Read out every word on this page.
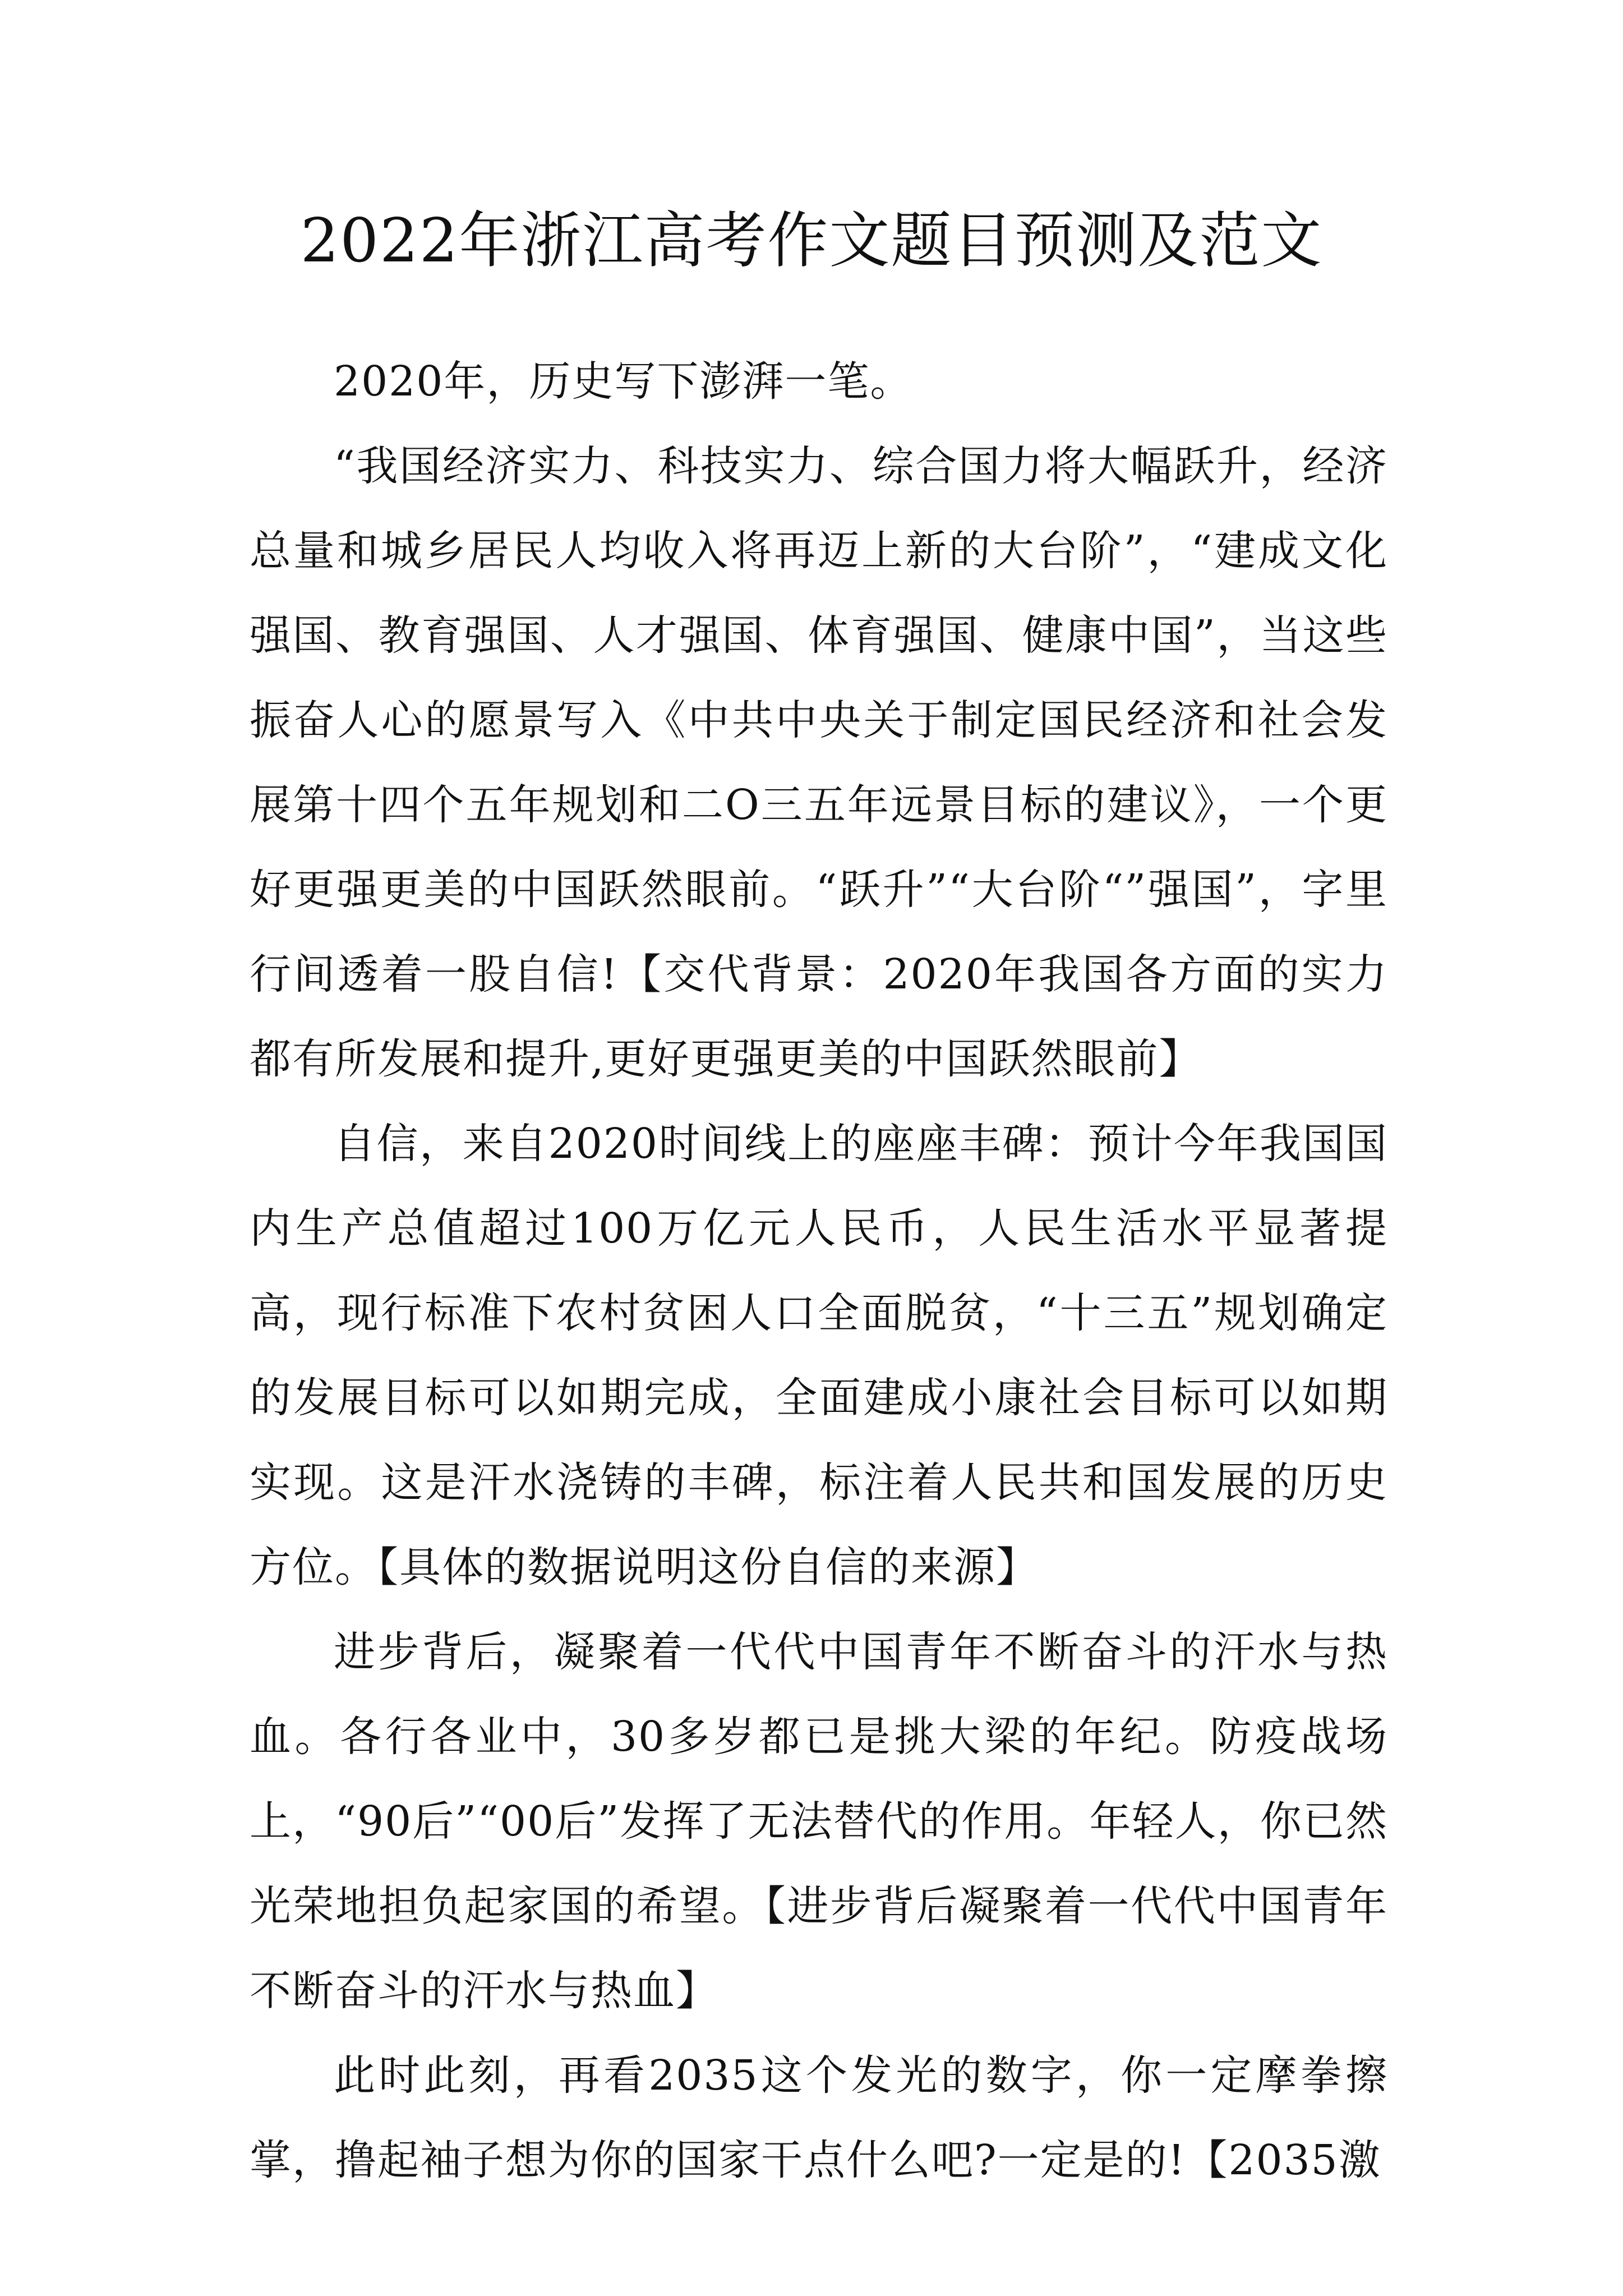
2022年浙江高考作文题目预测及范文

2020年，历史写下澎湃一笔。

“我国经济实力、科技实力、综合国力将大幅跃升，经济总量和城乡居民人均收入将再迈上新的大台阶”，“建成文化强国、教育强国、人才强国、体育强国、健康中国”，当这些振奋人心的愿景写入《中共中央关于制定国民经济和社会发展第十四个五年规划和二O三五年远景目标的建议》，一个更好更强更美的中国跃然眼前。“跃升”“大台阶“”强国”，字里行间透着一股自信!【交代背景：2020年我国各方面的实力都有所发展和提升,更好更强更美的中国跃然眼前】

自信，来自2020时间线上的座座丰碑：预计今年我国国内生产总值超过100万亿元人民币，人民生活水平显著提高，现行标准下农村贫困人口全面脱贫，“十三五”规划确定的发展目标可以如期完成，全面建成小康社会目标可以如期实现。这是汗水浇铸的丰碑，标注着人民共和国发展的历史方位。【具体的数据说明这份自信的来源】

进步背后，凝聚着一代代中国青年不断奋斗的汗水与热血。各行各业中，30多岁都已是挑大梁的年纪。防疫战场上，“90后”“00后”发挥了无法替代的作用。年轻人，你已然光荣地担负起家国的希望。【进步背后凝聚着一代代中国青年不断奋斗的汗水与热血】

此时此刻，再看2035这个发光的数字，你一定摩拳擦掌，撸起袖子想为你的国家干点什么吧?一定是的!【2035激
